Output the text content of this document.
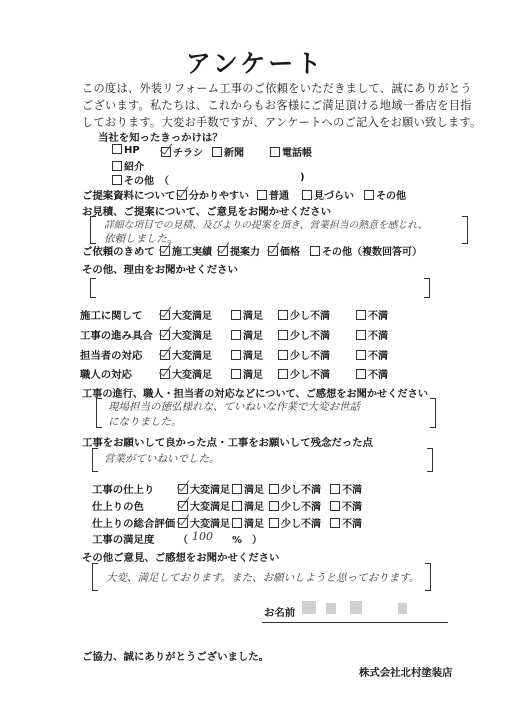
アンケート
この度は、外装リフォーム工事のご依頼をいただきまして、誠にありがとう
ございます。私たちは、これからもお客様にご満足頂ける地域一番店を目指
しております。大変お手数ですが、アンケートへのご記入をお願い致します。
当社を知ったきっかけは？
HP	チラシ	新聞	電話帳
紹介
その他　（	)
ご提案資料について	分かりやすい	普通	見づらい	その他
お見積、ご提案について、ご意見をお聞かせください
詳細な項目での見積、及びよりの提案を頂き、営業担当の熱意を感じれ、
依頼しました。
ご依頼のきめて	施工実績	提案力	価格	その他（複数回答可）
その他、理由をお聞かせください
施工に関して	大変満足	満足	少し不満	不満
工事の進み具合	大変満足	満足	少し不満	不満
担当者の対応	大変満足	満足	少し不満	不満
職人の対応	大変満足	満足	少し不満	不満
工事の進行、職人・担当者の対応などについて、ご感想をお聞かせください
現場担当の徳弘様れな、ていねいな作業で大変お世話
になりました。
工事をお願いして良かった点・工事をお願いして残念だった点
営業がていねいでした。
工事の仕上り	大変満足	満足	少し不満	不満
仕上りの色	大変満足	満足	少し不満	不満
仕上りの総合評価	大変満足	満足	少し不満	不満
工事の満足度 （ 100 %　）
その他ご意見、ご感想をお聞かせください
大変、満足しております。また、お願いしようと思っております。
お名前
ご協力、誠にありがとうございました。
株式会社北村塗装店
